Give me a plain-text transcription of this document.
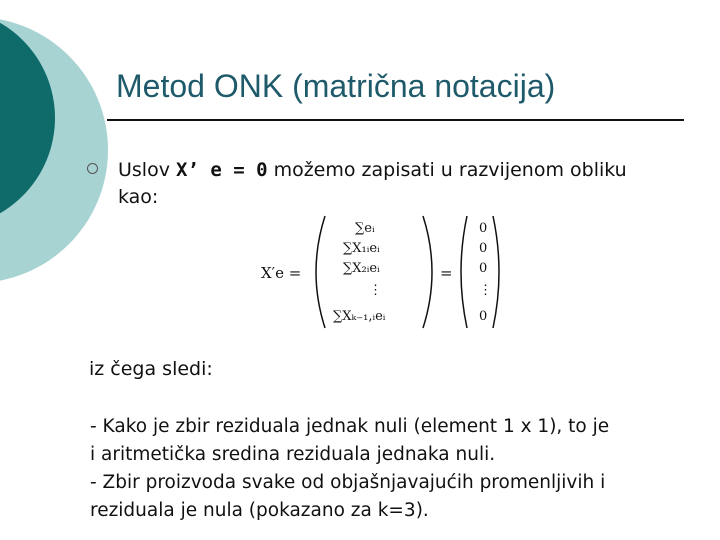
Metod ONK (matrična notacija)
Uslov X’ e = 0 možemo zapisati u razvijenom obliku
kao:
X′e =
∑eᵢ
∑X₁ᵢeᵢ
∑X₂ᵢeᵢ
⋮
∑Xₖ₋₁,ᵢeᵢ
=
0
0
0
⋮
0
iz čega sledi:
- Kako je zbir reziduala jednak nuli (element 1 x 1), to je
i aritmetička sredina reziduala jednaka nuli.
- Zbir proizvoda svake od objašnjavajućih promenljivih i
reziduala je nula (pokazano za k=3).
